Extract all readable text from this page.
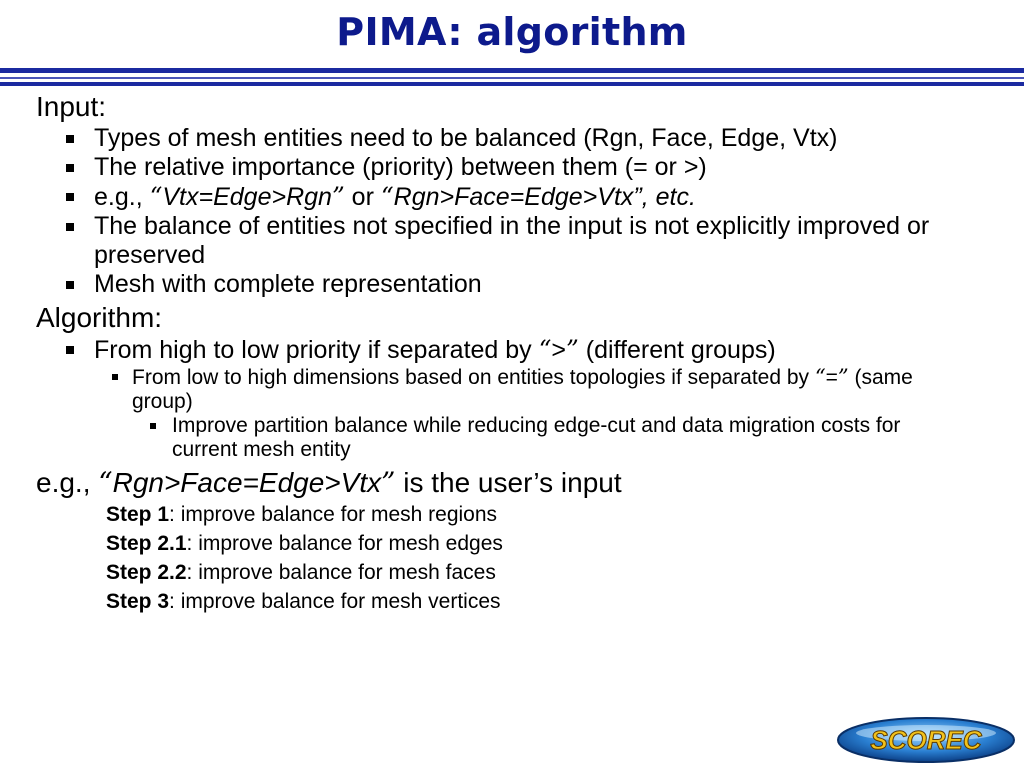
PIMA: algorithm
Input:
Types of mesh entities need to be balanced (Rgn, Face, Edge, Vtx)
The relative importance (priority) between them (= or >)
e.g., “Vtx=Edge>Rgn” or “Rgn>Face=Edge>Vtx”, etc.
The balance of entities not specified in the input is not explicitly improved or preserved
Mesh with complete representation
Algorithm:
From high to low priority if separated by “>” (different groups)
From low to high dimensions based on entities topologies if separated by “=” (same group)
Improve partition balance while reducing edge-cut and data migration costs for current mesh entity
e.g., “Rgn>Face=Edge>Vtx” is the user’s input
Step 1: improve balance for mesh regions
Step 2.1: improve balance for mesh edges
Step 2.2: improve balance for mesh faces
Step 3: improve balance for mesh vertices
SCOREC
